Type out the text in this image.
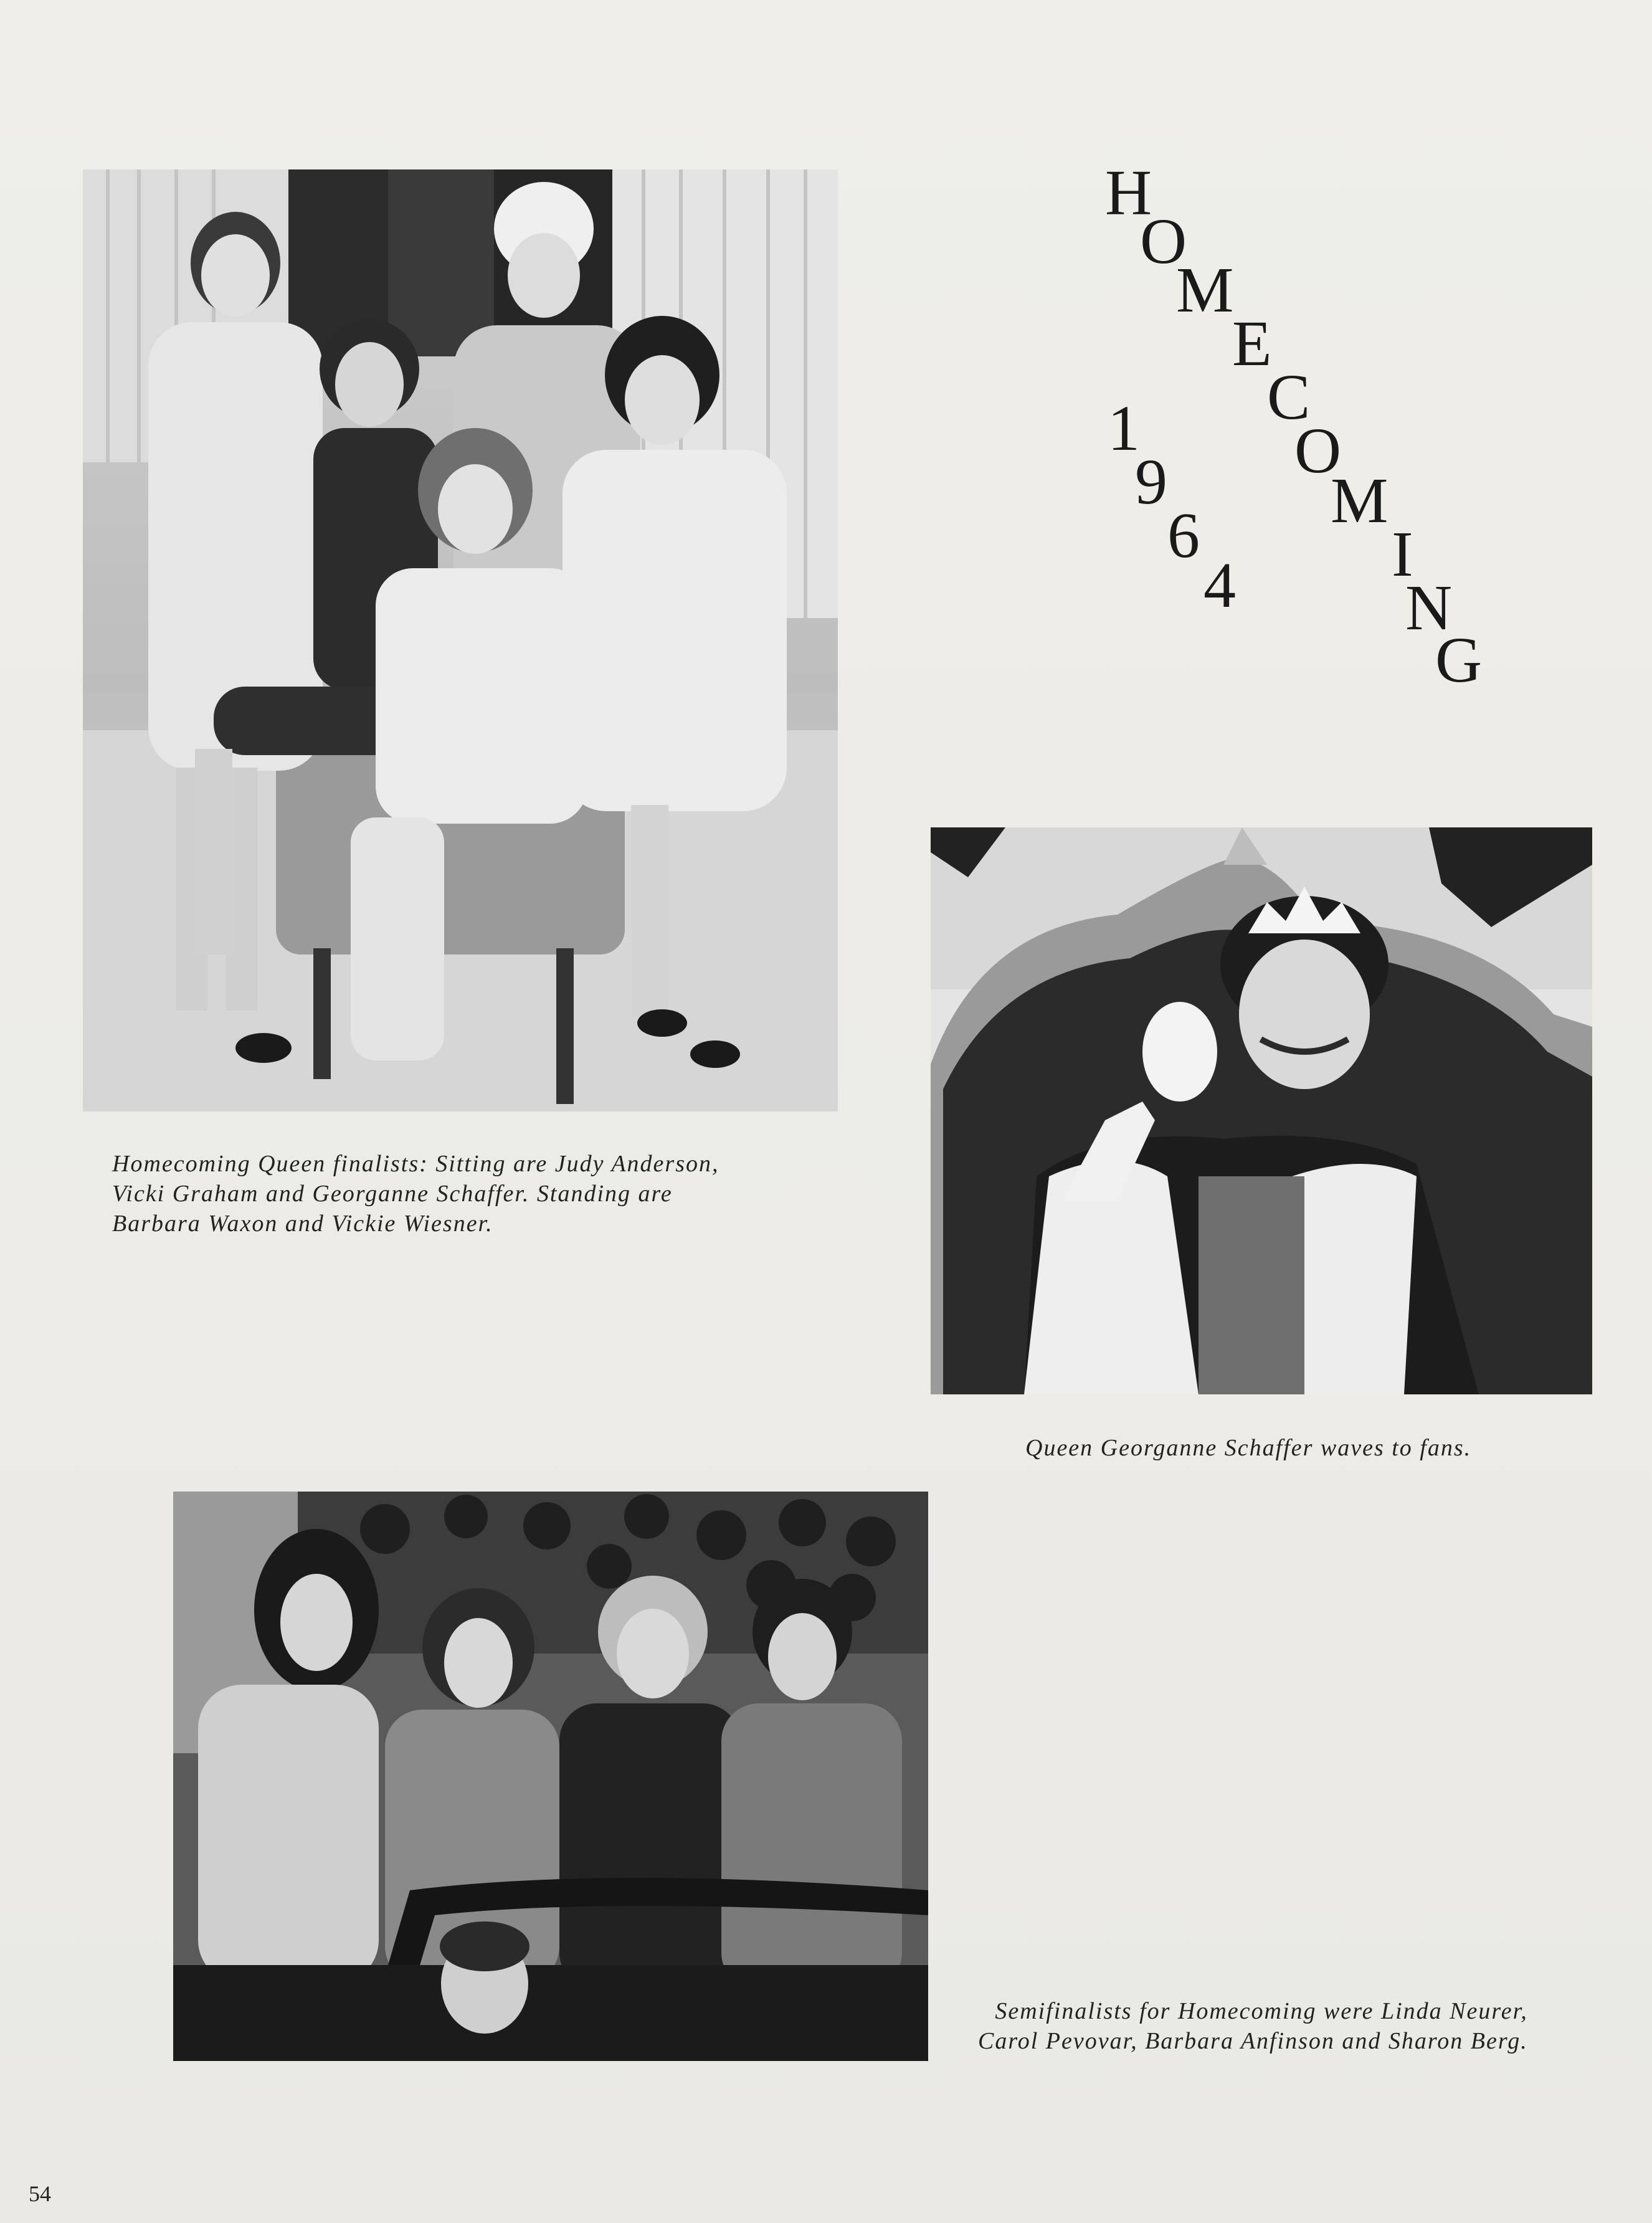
Homecoming Queen finalists: Sitting are Judy Anderson,
Vicki Graham and Georganne Schaffer. Standing are
Barbara Waxon and Vickie Wiesner.
H
O
M
E
C
O
M
I
N
G
1
9
6
4
Queen Georganne Schaffer waves to fans.
Semifinalists for Homecoming were Linda Neurer,
Carol Pevovar, Barbara Anfinson and Sharon Berg.
54
